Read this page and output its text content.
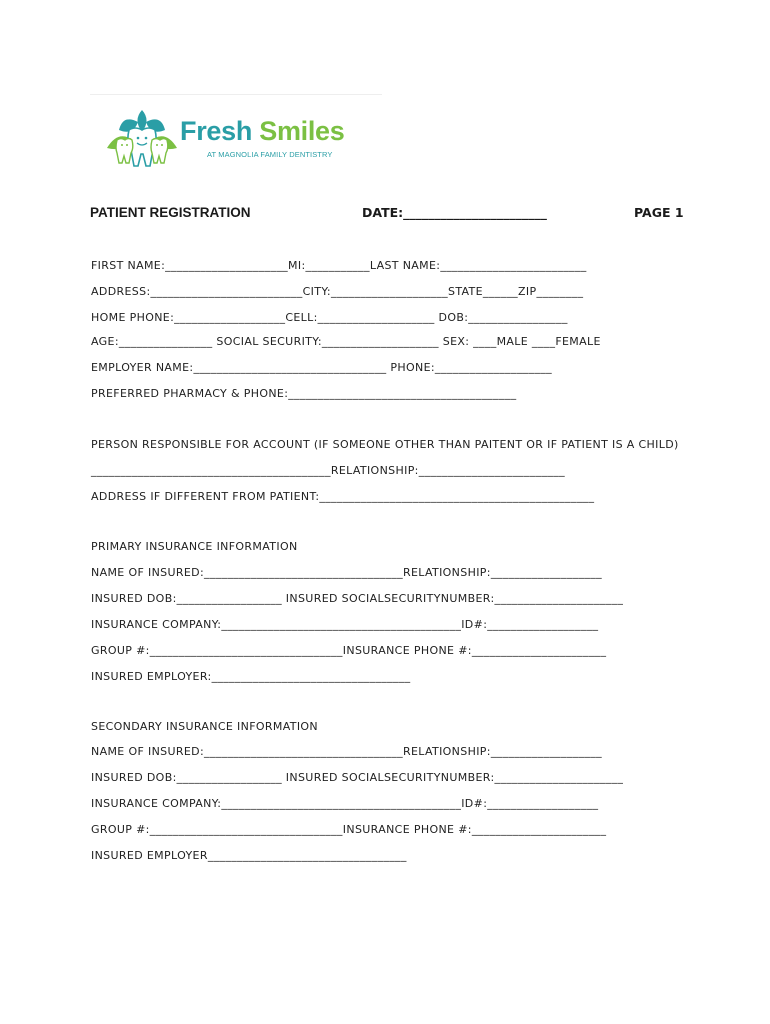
Fresh Smiles
AT MAGNOLIA FAMILY DENTISTRY
PATIENT REGISTRATION	DATE:_______________________	PAGE 1
FIRST NAME:_____________________MI:___________LAST NAME:_________________________
ADDRESS:__________________________CITY:____________________STATE______ZIP________
HOME PHONE:___________________CELL:____________________ DOB:_________________
AGE:________________ SOCIAL SECURITY:____________________ SEX: ____MALE ____FEMALE
EMPLOYER NAME:_________________________________ PHONE:____________________
PREFERRED PHARMACY & PHONE:_______________________________________
PERSON RESPONSIBLE FOR ACCOUNT (IF SOMEONE OTHER THAN PAITENT OR IF PATIENT IS A CHILD)
_________________________________________RELATIONSHIP:_________________________
ADDRESS IF DIFFERENT FROM PATIENT:_______________________________________________
PRIMARY INSURANCE INFORMATION
NAME OF INSURED:__________________________________RELATIONSHIP:___________________
INSURED DOB:__________________ INSURED SOCIALSECURITYNUMBER:______________________
INSURANCE COMPANY:_________________________________________ID#:___________________
GROUP #:_________________________________INSURANCE PHONE #:_______________________
INSURED EMPLOYER:__________________________________
SECONDARY INSURANCE INFORMATION
NAME OF INSURED:__________________________________RELATIONSHIP:___________________
INSURED DOB:__________________ INSURED SOCIALSECURITYNUMBER:______________________
INSURANCE COMPANY:_________________________________________ID#:___________________
GROUP #:_________________________________INSURANCE PHONE #:_______________________
INSURED EMPLOYER__________________________________
